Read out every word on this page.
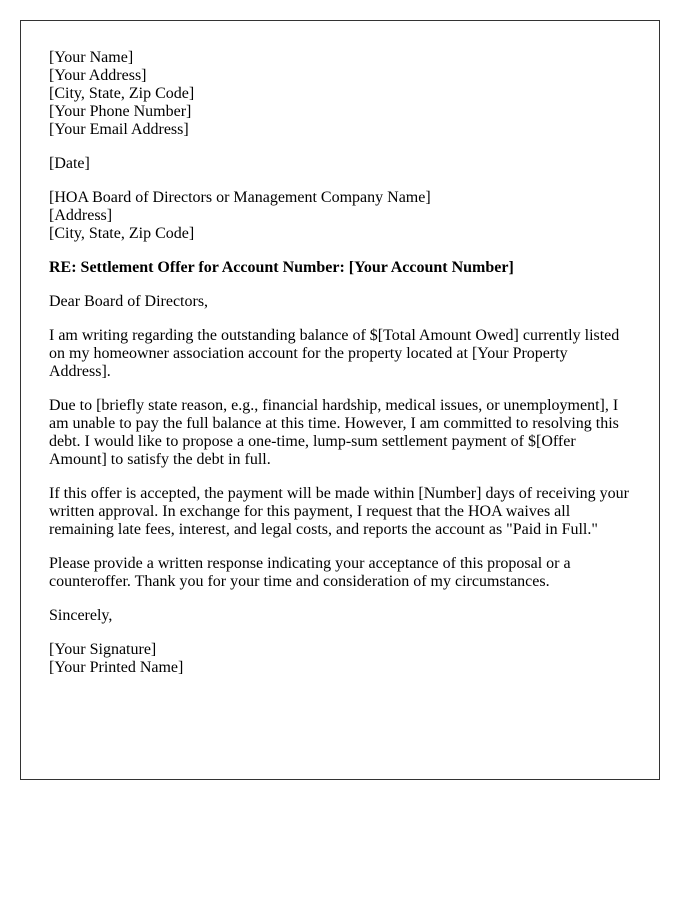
[Your Name]
[Your Address]
[City, State, Zip Code]
[Your Phone Number]
[Your Email Address]
[Date]
[HOA Board of Directors or Management Company Name]
[Address]
[City, State, Zip Code]

RE: Settlement Offer for Account Number: [Your Account Number]

Dear Board of Directors,

I am writing regarding the outstanding balance of $[Total Amount Owed] currently listed on my homeowner association account for the property located at [Your Property Address].

Due to [briefly state reason, e.g., financial hardship, medical issues, or unemployment], I am unable to pay the full balance at this time. However, I am committed to resolving this debt. I would like to propose a one-time, lump-sum settlement payment of $[Offer Amount] to satisfy the debt in full.

If this offer is accepted, the payment will be made within [Number] days of receiving your written approval. In exchange for this payment, I request that the HOA waives all remaining late fees, interest, and legal costs, and reports the account as "Paid in Full."

Please provide a written response indicating your acceptance of this proposal or a counteroffer. Thank you for your time and consideration of my circumstances.

Sincerely,

[Your Signature]
[Your Printed Name]
